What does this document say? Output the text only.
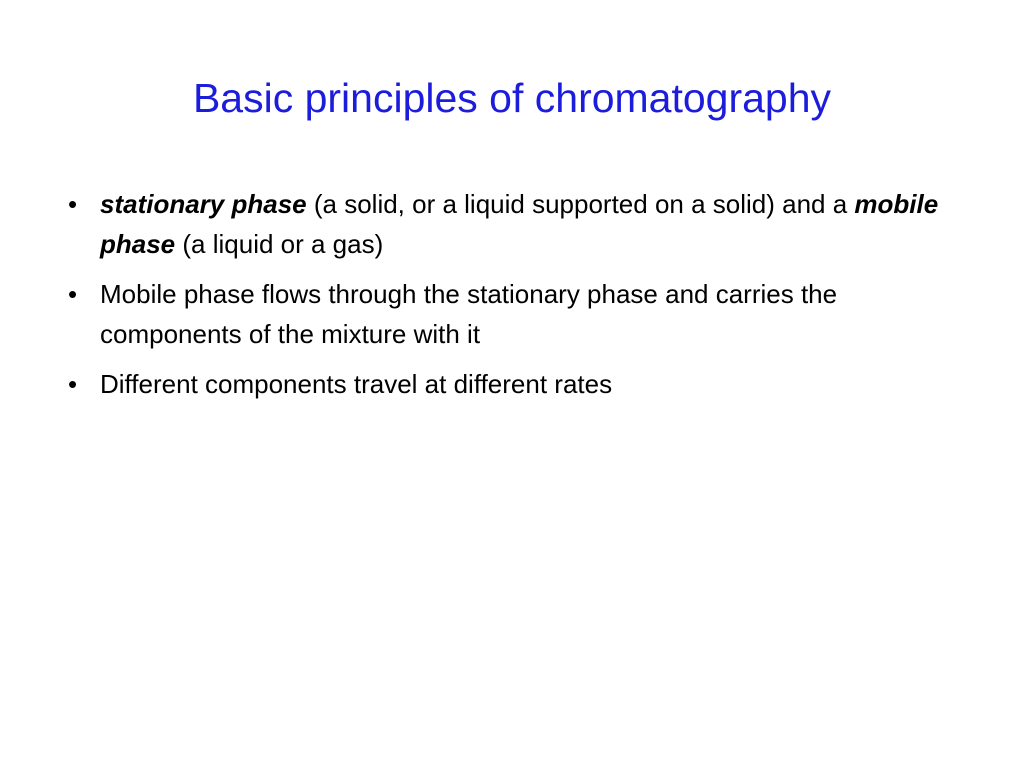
Basic principles of chromatography
• stationary phase (a solid, or a liquid supported on a solid) and a mobile phase (a liquid or a gas)
• Mobile phase flows through the stationary phase and carries the components of the mixture with it
• Different components travel at different rates
